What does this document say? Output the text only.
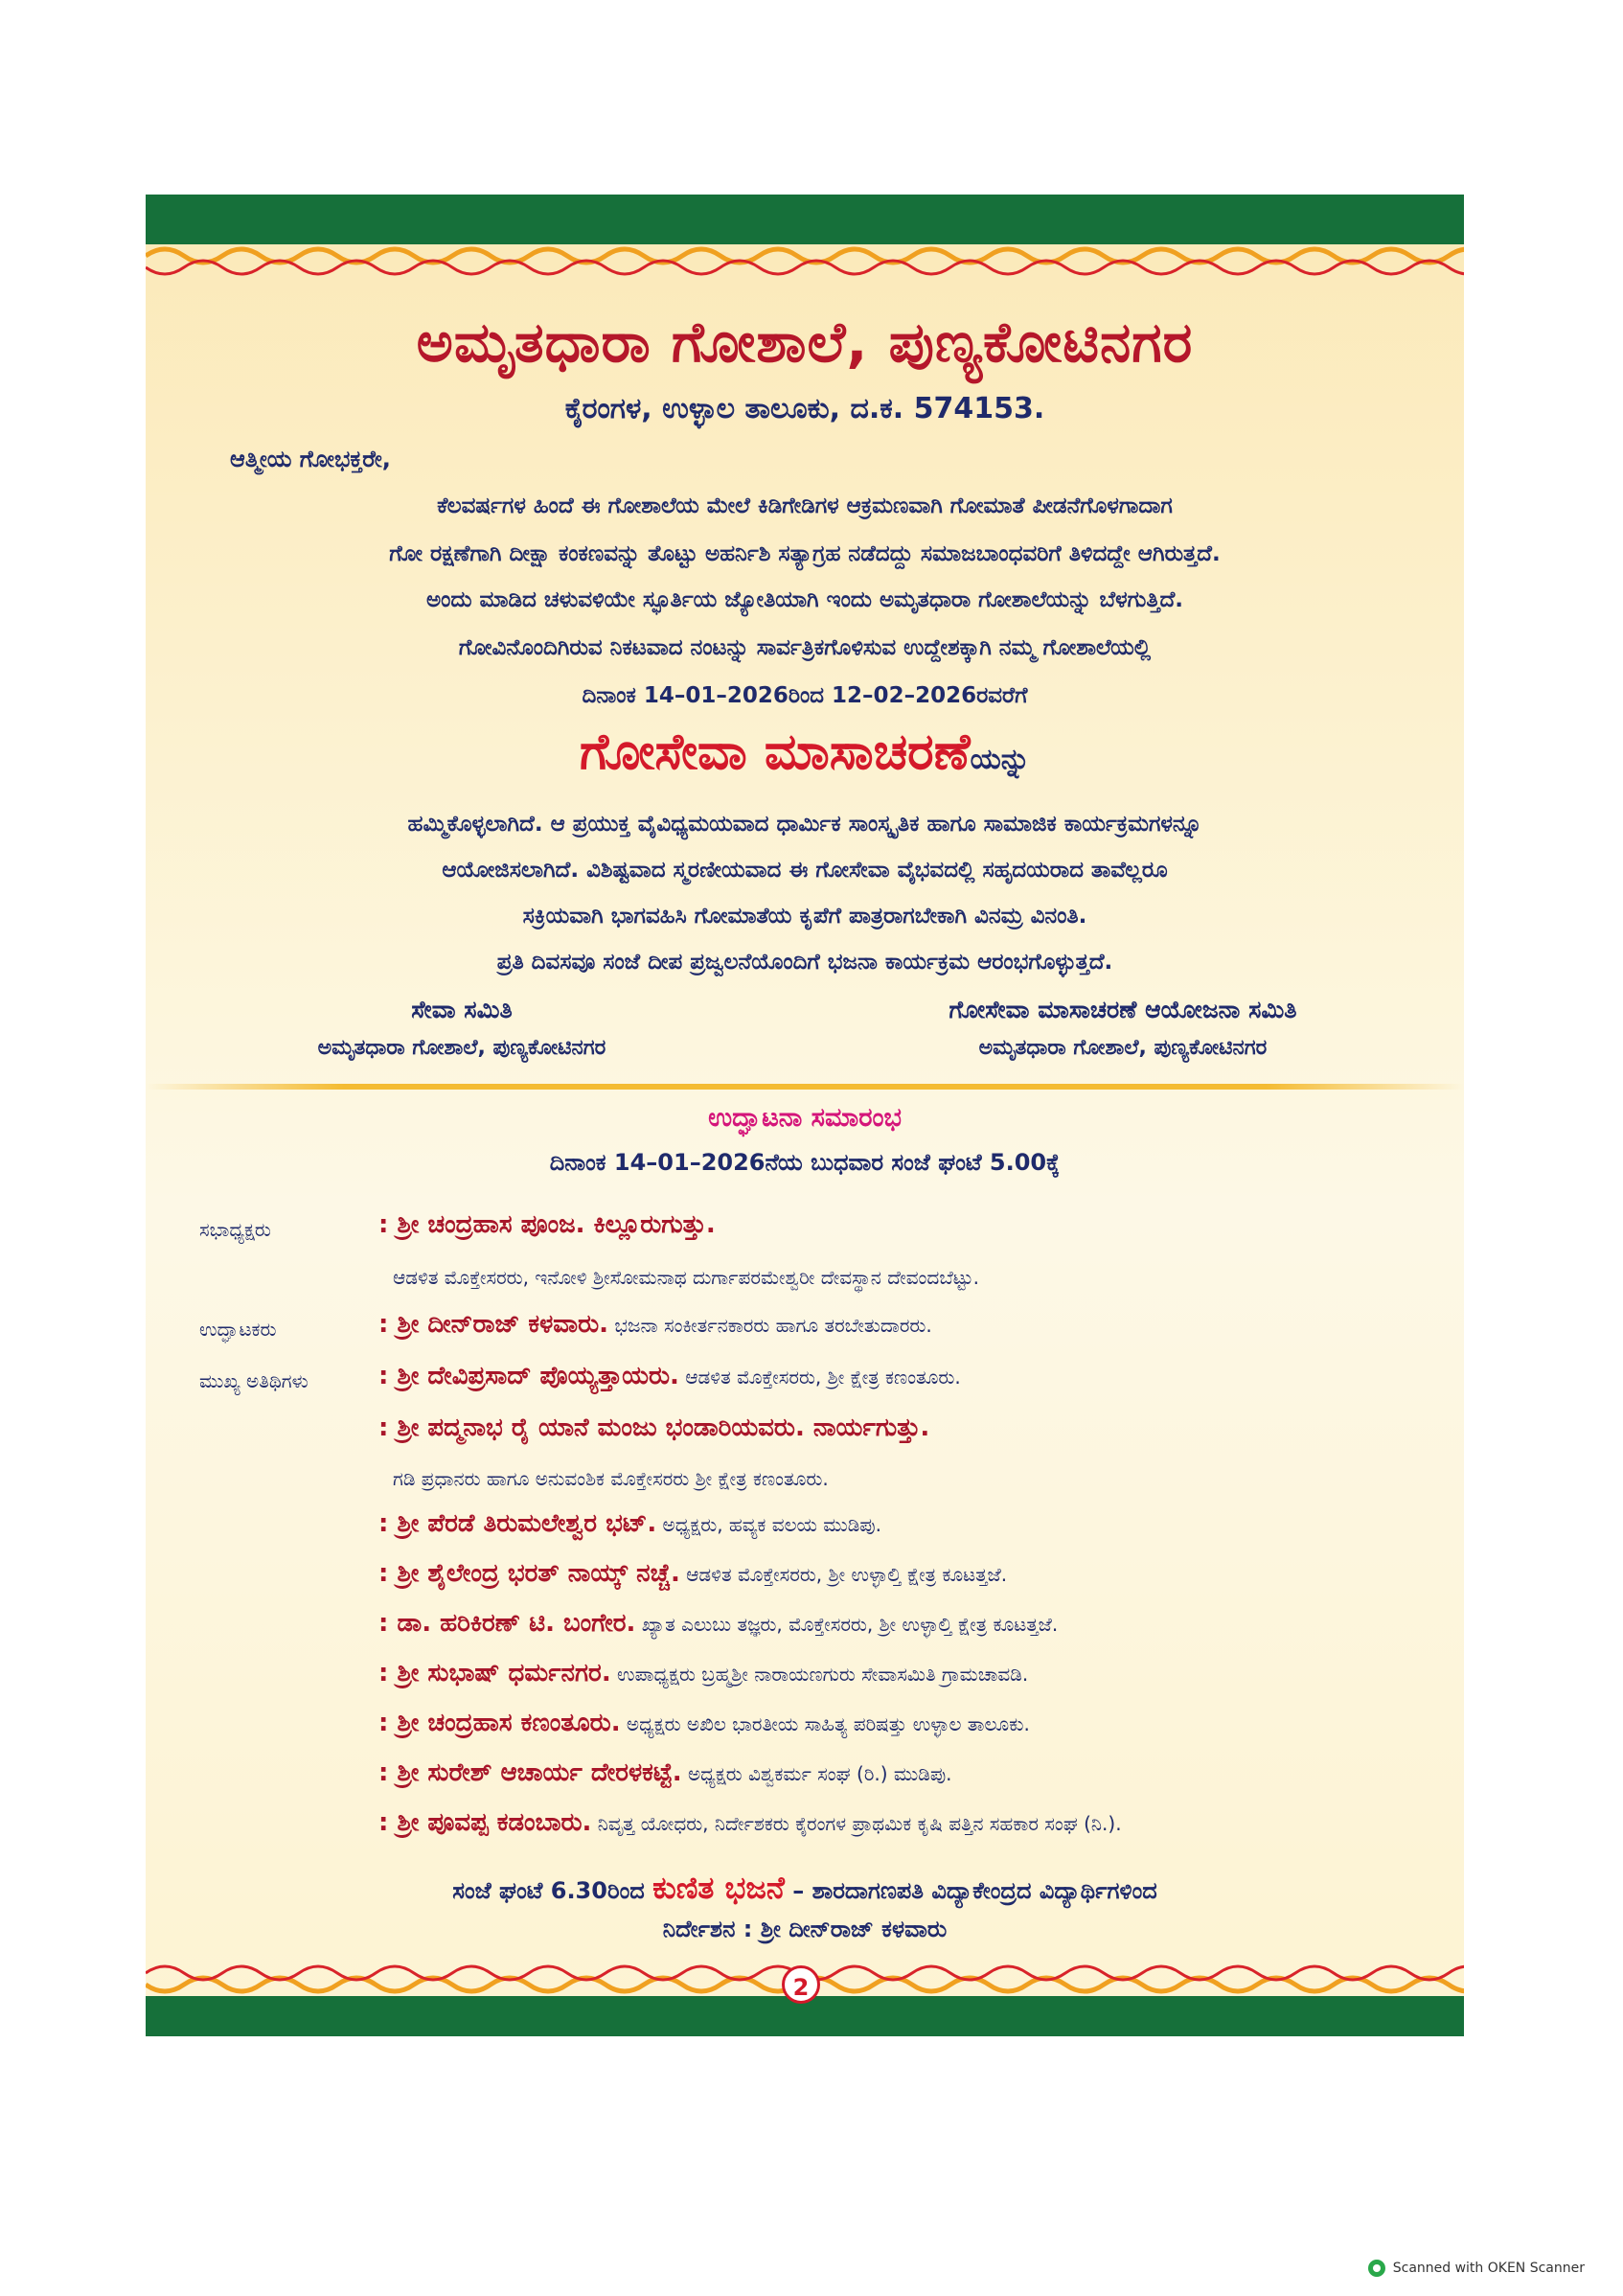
ಅಮೃತಧಾರಾ ಗೋಶಾಲೆ, ಪುಣ್ಯಕೋಟಿನಗರ
ಕೈರಂಗಳ, ಉಳ್ಳಾಲ ತಾಲೂಕು, ದ.ಕ. 574153.
ಆತ್ಮೀಯ ಗೋಭಕ್ತರೇ,
ಕೆಲವರ್ಷಗಳ ಹಿಂದೆ ಈ ಗೋಶಾಲೆಯ ಮೇಲೆ ಕಿಡಿಗೇಡಿಗಳ ಆಕ್ರಮಣವಾಗಿ ಗೋಮಾತೆ ಪೀಡನೆಗೊಳಗಾದಾಗ
ಗೋ ರಕ್ಷಣೆಗಾಗಿ ದೀಕ್ಷಾ ಕಂಕಣವನ್ನು ತೊಟ್ಟು ಅಹರ್ನಿಶಿ ಸತ್ಯಾಗ್ರಹ ನಡೆದದ್ದು ಸಮಾಜಬಾಂಧವರಿಗೆ ತಿಳಿದದ್ದೇ ಆಗಿರುತ್ತದೆ.
ಅಂದು ಮಾಡಿದ ಚಳುವಳಿಯೇ ಸ್ಫೂರ್ತಿಯ ಜ್ಯೋತಿಯಾಗಿ ಇಂದು ಅಮೃತಧಾರಾ ಗೋಶಾಲೆಯನ್ನು ಬೆಳಗುತ್ತಿದೆ.
ಗೋವಿನೊಂದಿಗಿರುವ ನಿಕಟವಾದ ನಂಟನ್ನು ಸಾರ್ವತ್ರಿಕಗೊಳಿಸುವ ಉದ್ದೇಶಕ್ಕಾಗಿ ನಮ್ಮ ಗೋಶಾಲೆಯಲ್ಲಿ
ದಿನಾಂಕ 14–01–2026ರಿಂದ 12–02–2026ರವರೆಗೆ
ಗೋಸೇವಾ ಮಾಸಾಚರಣೆಯನ್ನು
ಹಮ್ಮಿಕೊಳ್ಳಲಾಗಿದೆ. ಆ ಪ್ರಯುಕ್ತ ವೈವಿಧ್ಯಮಯವಾದ ಧಾರ್ಮಿಕ ಸಾಂಸ್ಕೃತಿಕ ಹಾಗೂ ಸಾಮಾಜಿಕ ಕಾರ್ಯಕ್ರಮಗಳನ್ನೂ
ಆಯೋಜಿಸಲಾಗಿದೆ. ವಿಶಿಷ್ಟವಾದ ಸ್ಮರಣೀಯವಾದ ಈ ಗೋಸೇವಾ ವೈಭವದಲ್ಲಿ ಸಹೃದಯರಾದ ತಾವೆಲ್ಲರೂ
ಸಕ್ರಿಯವಾಗಿ ಭಾಗವಹಿಸಿ ಗೋಮಾತೆಯ ಕೃಪೆಗೆ ಪಾತ್ರರಾಗಬೇಕಾಗಿ ವಿನಮ್ರ ವಿನಂತಿ.
ಪ್ರತಿ ದಿವಸವೂ ಸಂಜೆ ದೀಪ ಪ್ರಜ್ವಲನೆಯೊಂದಿಗೆ ಭಜನಾ ಕಾರ್ಯಕ್ರಮ ಆರಂಭಗೊಳ್ಳುತ್ತದೆ.
ಸೇವಾ ಸಮಿತಿ
ಅಮೃತಧಾರಾ ಗೋಶಾಲೆ, ಪುಣ್ಯಕೋಟಿನಗರ
ಗೋಸೇವಾ ಮಾಸಾಚರಣೆ ಆಯೋಜನಾ ಸಮಿತಿ
ಅಮೃತಧಾರಾ ಗೋಶಾಲೆ, ಪುಣ್ಯಕೋಟಿನಗರ
ಉದ್ಘಾಟನಾ ಸಮಾರಂಭ
ದಿನಾಂಕ 14–01–2026ನೆಯ ಬುಧವಾರ ಸಂಜೆ ಘಂಟೆ 5.00ಕ್ಕೆ
ಸಭಾಧ್ಯಕ್ಷರು	: ಶ್ರೀ ಚಂದ್ರಹಾಸ ಪೂಂಜ. ಕಿಲ್ಲೂರುಗುತ್ತು.
ಆಡಳಿತ ಮೊಕ್ತೇಸರರು, ಇನೋಳಿ ಶ್ರೀಸೋಮನಾಥ ದುರ್ಗಾಪರಮೇಶ್ವರೀ ದೇವಸ್ಥಾನ ದೇವಂದಬೆಟ್ಟು.
ಉದ್ಘಾಟಕರು	: ಶ್ರೀ ದೀನ್‌ರಾಜ್ ಕಳವಾರು. ಭಜನಾ ಸಂಕೀರ್ತನಕಾರರು ಹಾಗೂ ತರಬೇತುದಾರರು.
ಮುಖ್ಯ ಅತಿಥಿಗಳು	: ಶ್ರೀ ದೇವಿಪ್ರಸಾದ್ ಪೊಯ್ಯತ್ತಾಯರು. ಆಡಳಿತ ಮೊಕ್ತೇಸರರು, ಶ್ರೀ ಕ್ಷೇತ್ರ ಕಣಂತೂರು.
: ಶ್ರೀ ಪದ್ಮನಾಭ ರೈ ಯಾನೆ ಮಂಜು ಭಂಡಾರಿಯವರು. ನಾರ್ಯಗುತ್ತು.
ಗಡಿ ಪ್ರಧಾನರು ಹಾಗೂ ಅನುವಂಶಿಕ ಮೊಕ್ತೇಸರರು ಶ್ರೀ ಕ್ಷೇತ್ರ ಕಣಂತೂರು.
: ಶ್ರೀ ಪೆರಡೆ ತಿರುಮಲೇಶ್ವರ ಭಟ್. ಅಧ್ಯಕ್ಷರು, ಹವ್ಯಕ ವಲಯ ಮುಡಿಪು.
: ಶ್ರೀ ಶೈಲೇಂದ್ರ ಭರತ್ ನಾಯ್ಕ್ ನಚ್ಚೆ. ಆಡಳಿತ ಮೊಕ್ತೇಸರರು, ಶ್ರೀ ಉಳ್ಳಾಲ್ತಿ ಕ್ಷೇತ್ರ ಕೂಟತ್ತಜೆ.
: ಡಾ. ಹರಿಕಿರಣ್ ಟಿ. ಬಂಗೇರ. ಖ್ಯಾತ ಎಲುಬು ತಜ್ಞರು, ಮೊಕ್ತೇಸರರು, ಶ್ರೀ ಉಳ್ಳಾಲ್ತಿ ಕ್ಷೇತ್ರ ಕೂಟತ್ತಜೆ.
: ಶ್ರೀ ಸುಭಾಷ್ ಧರ್ಮನಗರ. ಉಪಾಧ್ಯಕ್ಷರು ಬ್ರಹ್ಮಶ್ರೀ ನಾರಾಯಣಗುರು ಸೇವಾಸಮಿತಿ ಗ್ರಾಮಚಾವಡಿ.
: ಶ್ರೀ ಚಂದ್ರಹಾಸ ಕಣಂತೂರು. ಅಧ್ಯಕ್ಷರು ಅಖಿಲ ಭಾರತೀಯ ಸಾಹಿತ್ಯ ಪರಿಷತ್ತು ಉಳ್ಳಾಲ ತಾಲೂಕು.
: ಶ್ರೀ ಸುರೇಶ್ ಆಚಾರ್ಯ ದೇರಳಕಟ್ಟೆ. ಅಧ್ಯಕ್ಷರು ವಿಶ್ವಕರ್ಮ ಸಂಘ (ರಿ.) ಮುಡಿಪು.
: ಶ್ರೀ ಪೂವಪ್ಪ ಕಡಂಬಾರು. ನಿವೃತ್ತ ಯೋಧರು, ನಿರ್ದೇಶಕರು ಕೈರಂಗಳ ಪ್ರಾಥಮಿಕ ಕೃಷಿ ಪತ್ತಿನ ಸಹಕಾರ ಸಂಘ (ನಿ.).
ಸಂಜೆ ಘಂಟೆ 6.30ರಿಂದ ಕುಣಿತ ಭಜನೆ – ಶಾರದಾಗಣಪತಿ ವಿದ್ಯಾಕೇಂದ್ರದ ವಿದ್ಯಾರ್ಥಿಗಳಿಂದ
ನಿರ್ದೇಶನ : ಶ್ರೀ ದೀನ್‌ರಾಜ್ ಕಳವಾರು
2
Scanned with OKEN Scanner
